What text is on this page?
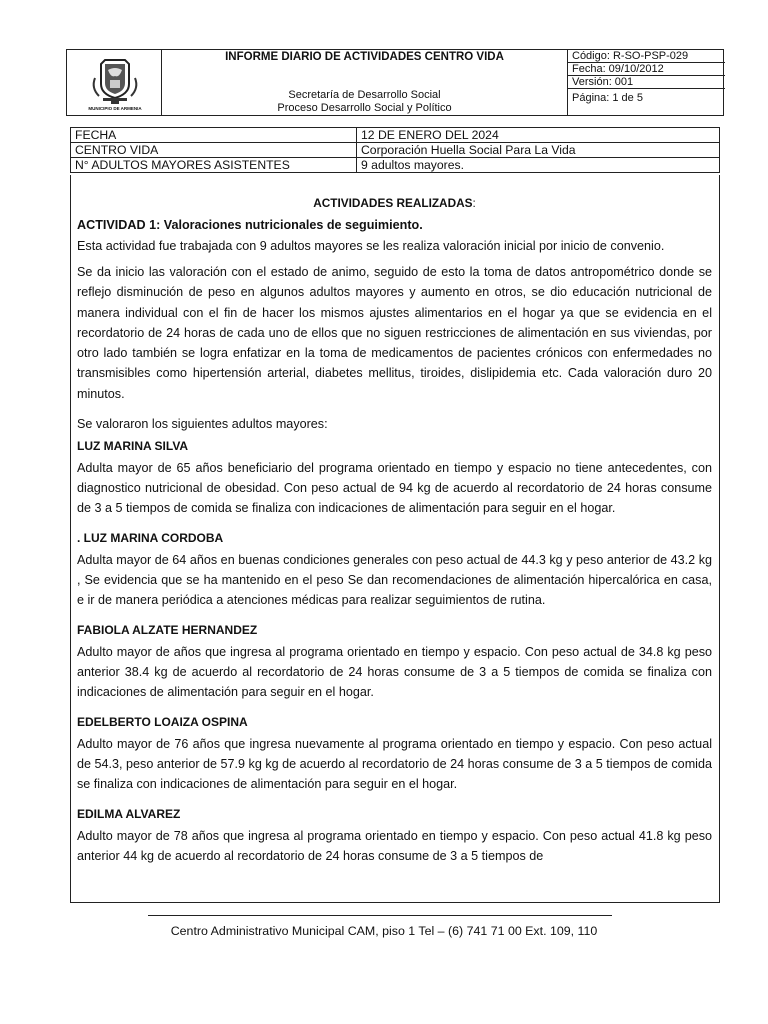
MUNICIPIO DE ARMENIA
INFORME DIARIO DE ACTIVIDADES CENTRO VIDA
Secretaría de Desarrollo Social
Proceso Desarrollo Social y Político
Código: R-SO-PSP-029
Fecha: 09/10/2012
Versión: 001
Página: 1 de 5
FECHA	12 DE ENERO DEL 2024
CENTRO VIDA	Corporación Huella Social Para La Vida
N° ADULTOS MAYORES ASISTENTES	9 adultos mayores.

ACTIVIDADES REALIZADAS:

ACTIVIDAD 1: Valoraciones nutricionales de seguimiento.

Esta actividad fue trabajada con 9 adultos mayores se les realiza valoración inicial por inicio de convenio.

Se da inicio las valoración con el estado de animo, seguido de esto la toma de datos antropométrico donde se reflejo disminución de peso en algunos adultos mayores y aumento en otros, se dio educación nutricional de manera individual con el fin de hacer los mismos ajustes alimentarios en el hogar ya que se evidencia en el recordatorio de 24 horas de cada uno de ellos que no siguen restricciones de alimentación en sus viviendas, por otro lado también se logra enfatizar en la toma de medicamentos de pacientes crónicos con enfermedades no transmisibles como hipertensión arterial, diabetes mellitus, tiroides, dislipidemia etc. Cada valoración duro 20 minutos.

Se valoraron los siguientes adultos mayores:

LUZ MARINA SILVA

Adulta mayor de 65 años beneficiario del programa orientado en tiempo y espacio no tiene antecedentes, con diagnostico nutricional de obesidad. Con peso actual de 94 kg de acuerdo al recordatorio de 24 horas consume de 3 a 5 tiempos de comida se finaliza con indicaciones de alimentación para seguir en el hogar.

. LUZ MARINA CORDOBA

Adulta mayor de 64 años en buenas condiciones generales con peso actual de 44.3 kg y peso anterior de 43.2 kg , Se evidencia que se ha mantenido en el peso Se dan recomendaciones de alimentación hipercalórica en casa, e ir de manera periódica a atenciones médicas para realizar seguimientos de rutina.

FABIOLA ALZATE HERNANDEZ

Adulto mayor de años que ingresa al programa orientado en tiempo y espacio. Con peso actual de 34.8 kg peso anterior 38.4 kg de acuerdo al recordatorio de 24 horas consume de 3 a 5 tiempos de comida se finaliza con indicaciones de alimentación para seguir en el hogar.

EDELBERTO LOAIZA OSPINA

Adulto mayor de 76 años que ingresa nuevamente al programa orientado en tiempo y espacio. Con peso actual de 54.3, peso anterior de 57.9 kg kg de acuerdo al recordatorio de 24 horas consume de 3 a 5 tiempos de comida se finaliza con indicaciones de alimentación para seguir en el hogar.

EDILMA ALVAREZ

Adulto mayor de 78 años que ingresa al programa orientado en tiempo y espacio. Con peso actual 41.8 kg peso anterior 44 kg de acuerdo al recordatorio de 24 horas consume de 3 a 5 tiempos de

Centro Administrativo Municipal CAM, piso 1 Tel – (6) 741 71 00 Ext. 109, 110
